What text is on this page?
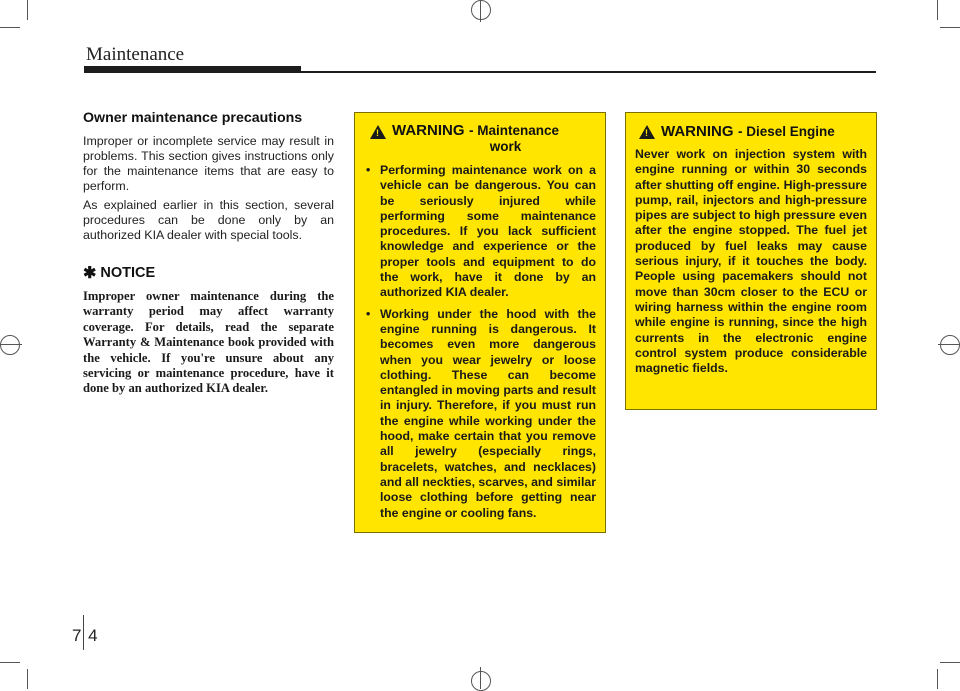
Maintenance
Owner maintenance precautions

Improper or incomplete service may result in problems. This section gives instructions only for the maintenance items that are easy to perform.

As explained earlier in this section, several procedures can be done only by an authorized KIA dealer with special tools.

✱ NOTICE
Improper owner maintenance during the warranty period may affect warranty coverage. For details, read the separate Warranty & Maintenance book provided with the vehicle. If you're unsure about any servicing or maintenance procedure, have it done by an authorized KIA dealer.
!
WARNING - Maintenance
work
• Performing maintenance work on a vehicle can be dangerous. You can be seriously injured while performing some maintenance procedures. If you lack sufficient knowledge and experience or the proper tools and equipment to do the work, have it done by an authorized KIA dealer.
• Working under the hood with the engine running is dangerous. It becomes even more dangerous when you wear jewelry or loose clothing. These can become entangled in moving parts and result in injury. Therefore, if you must run the engine while working under the hood, make certain that you remove all jewelry (especially rings, bracelets, watches, and necklaces) and all neckties, scarves, and similar loose clothing before getting near the engine or cooling fans.
!
WARNING - Diesel Engine
Never work on injection system with engine running or within 30 seconds after shutting off engine. High-pressure pump, rail, injectors and high-pressure pipes are subject to high pressure even after the engine stopped. The fuel jet produced by fuel leaks may cause serious injury, if it touches the body. People using pacemakers should not move than 30cm closer to the ECU or wiring harness within the engine room while engine is running, since the high currents in the electronic engine control system produce considerable magnetic fields.
7 4
